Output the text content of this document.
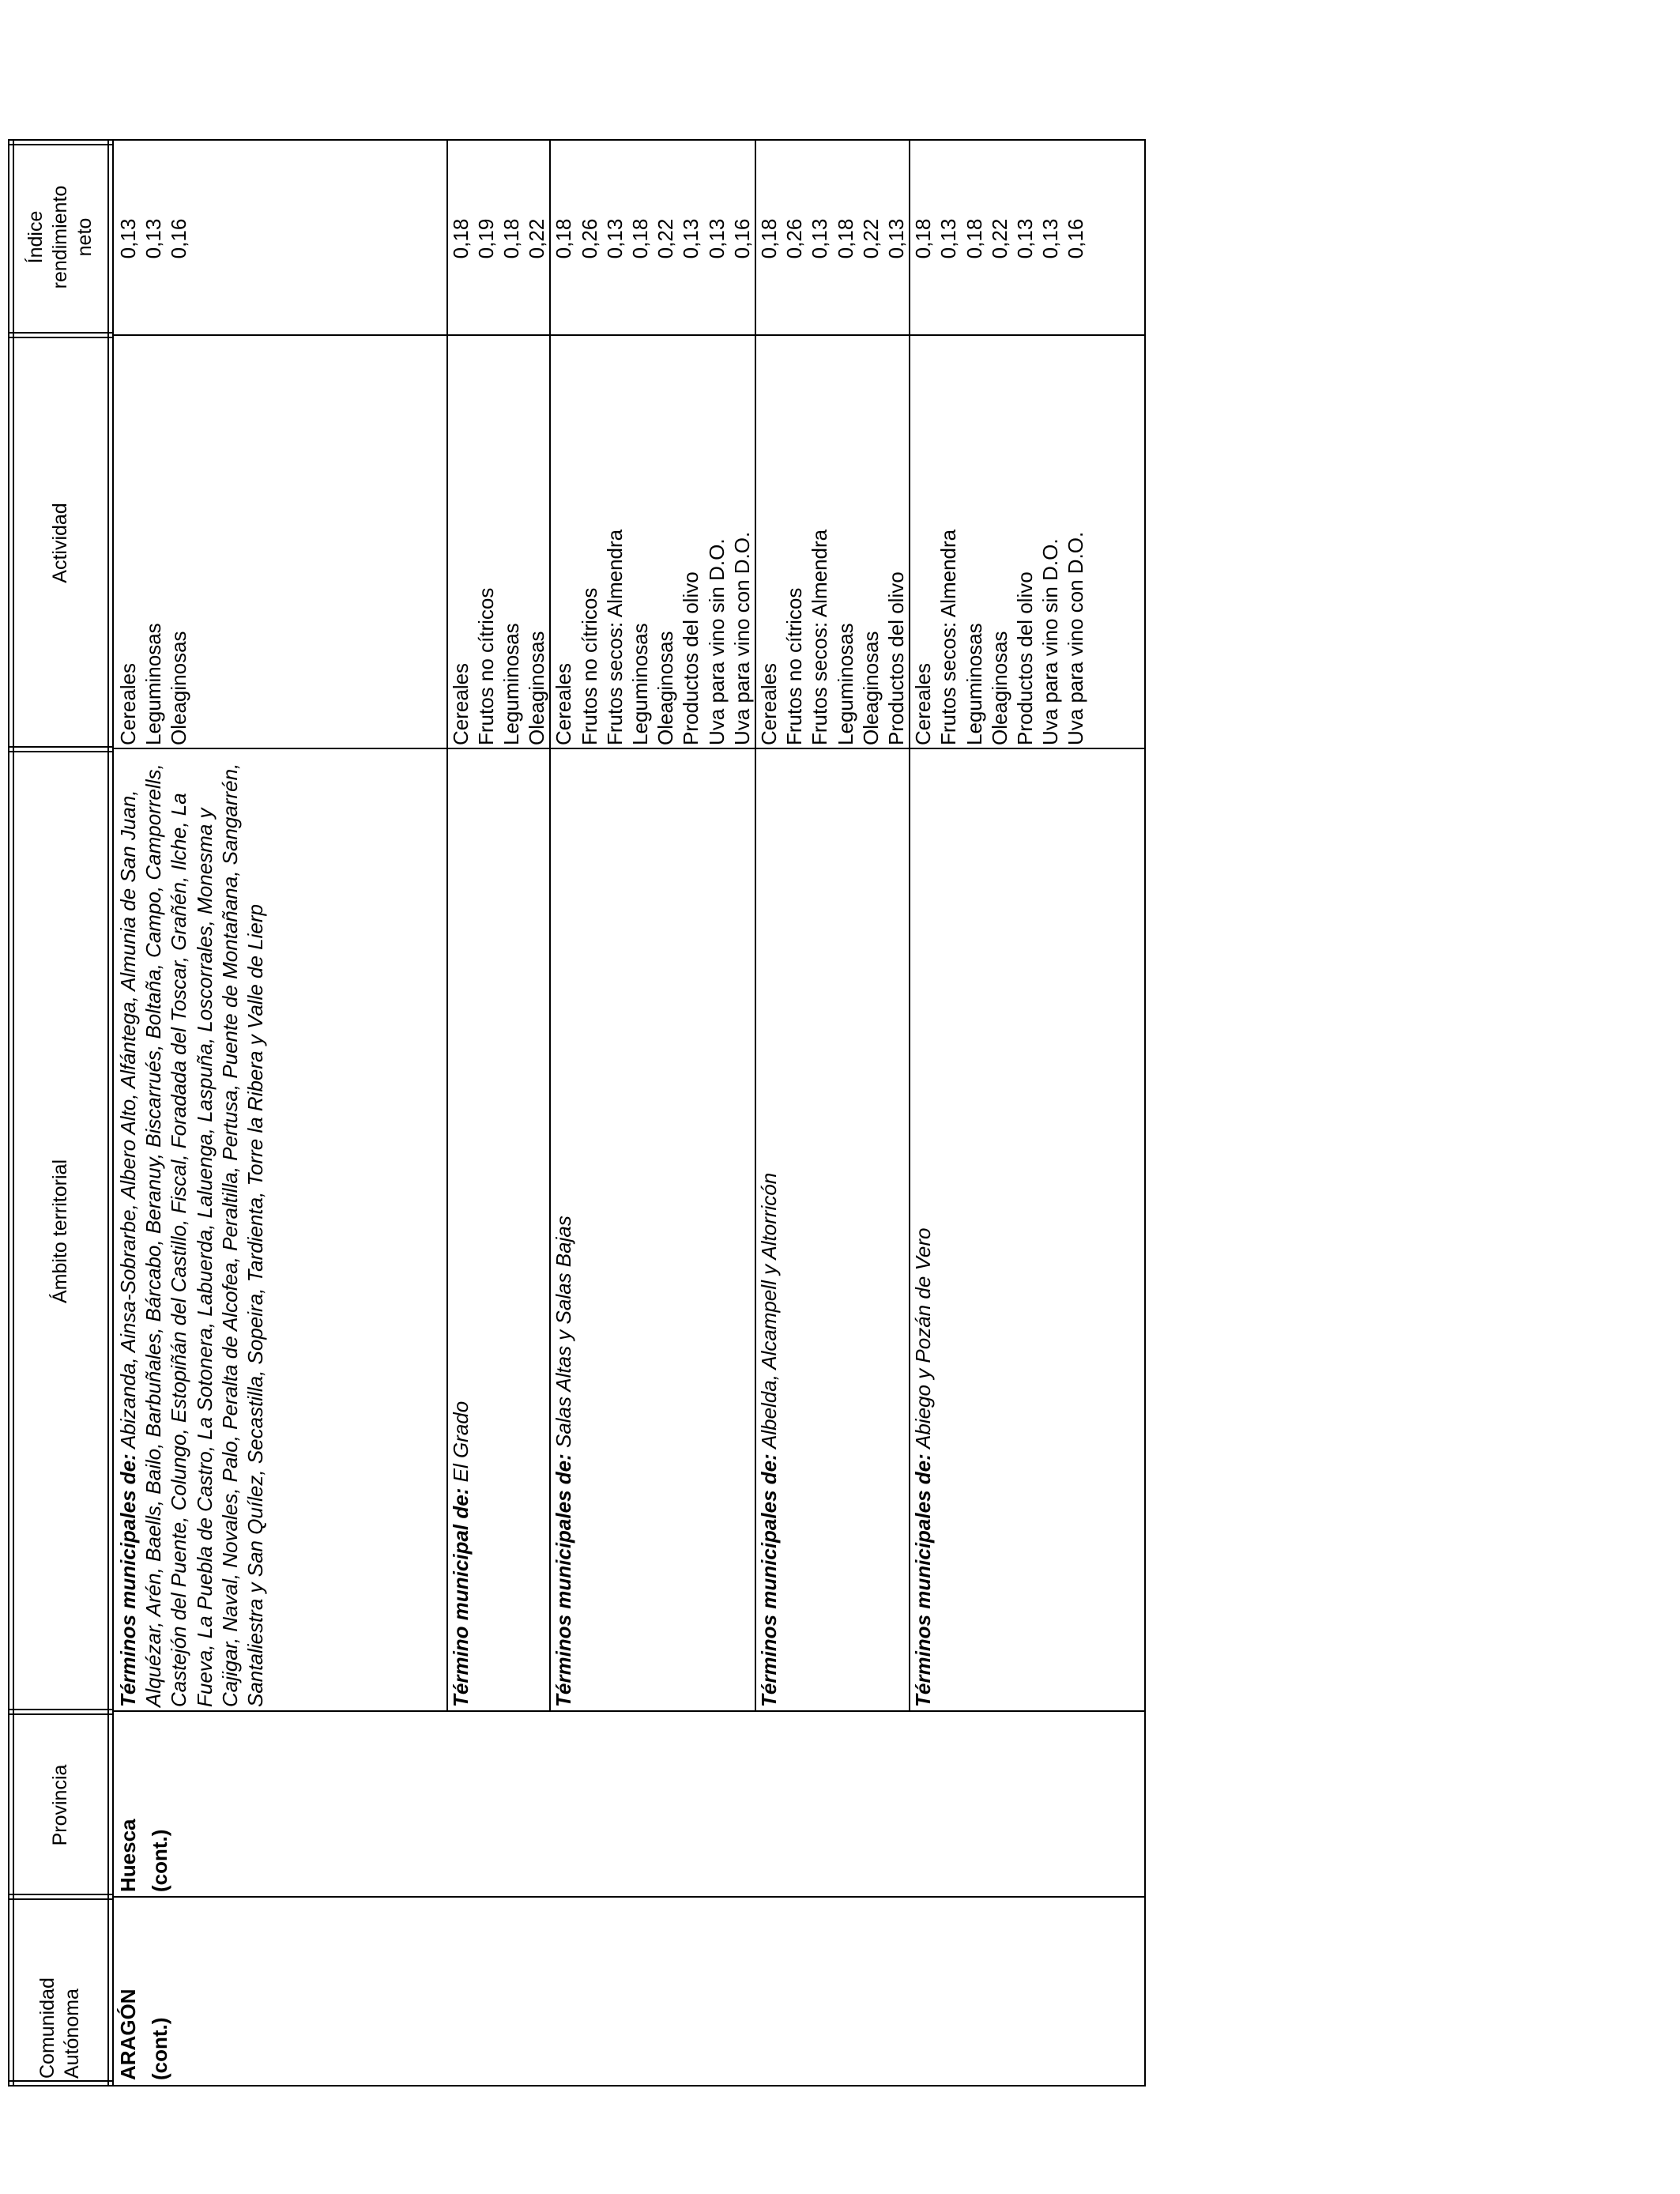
Comunidad Autónoma
Provincia
Ámbito territorial
Actividad
Índice rendimiento neto
ARAGÓN (cont.)
Huesca (cont.)
Términos municipales de: Abizanda, Ainsa-Sobrarbe, Albero Alto, Alfántega, Almunia de San Juan, Alquézar, Arén, Baells, Bailo, Barbuñales, Bárcabo, Beranuy, Biscarrués, Boltaña, Campo, Camporrells, Castejón del Puente, Colungo, Estopiñán del Castillo, Fiscal, Foradada del Toscar, Grañén, Ilche, La Fueva, La Puebla de Castro, La Sotonera, Labuerda, Laluenga, Laspuña, Loscorrales, Monesma y Cajigar, Naval, Novales, Palo, Peralta de Alcofea, Peraltilla, Pertusa, Puente de Montañana, Sangarrén, Santaliestra y San Quílez, Secastilla, Sopeira, Tardienta, Torre la Ribera y Valle de Lierp
Cereales
0,13
Leguminosas
0,13
Oleaginosas
0,16
Término municipal de: El Grado
Cereales
0,18
Frutos no cítricos
0,19
Leguminosas
0,18
Oleaginosas
0,22
Términos municipales de: Salas Altas y Salas Bajas
Cereales
0,18
Frutos no cítricos
0,26
Frutos secos: Almendra
0,13
Leguminosas
0,18
Oleaginosas
0,22
Productos del olivo
0,13
Uva para vino sin D.O.
0,13
Uva para vino con D.O.
0,16
Términos municipales de: Albelda, Alcampell y Altorricón
Cereales
0,18
Frutos no cítricos
0,26
Frutos secos: Almendra
0,13
Leguminosas
0,18
Oleaginosas
0,22
Productos del olivo
0,13
Términos municipales de: Abiego y Pozán de Vero
Cereales
0,18
Frutos secos: Almendra
0,13
Leguminosas
0,18
Oleaginosas
0,22
Productos del olivo
0,13
Uva para vino sin D.O.
0,13
Uva para vino con D.O.
0,16
